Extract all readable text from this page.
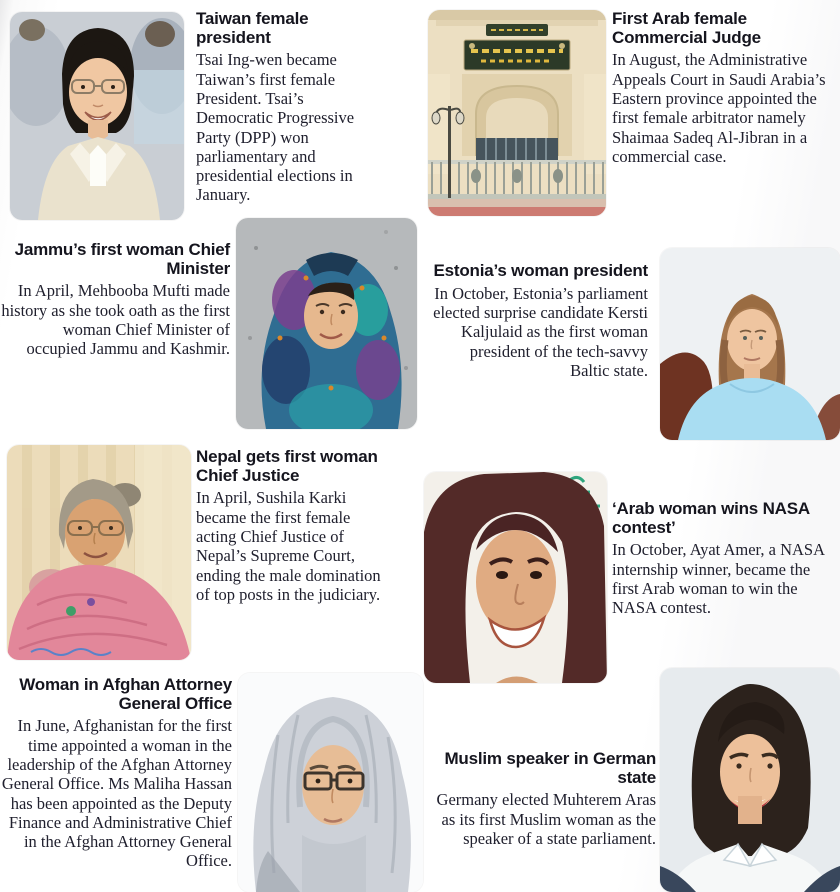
Taiwan female president

Tsai Ing-wen became Taiwan’s first female President. Tsai’s Democratic Progressive Party (DPP) won parliamentary and presidential elections in January.

First Arab female Commercial Judge

In August, the Administrative Appeals Court in Saudi Arabia’s Eastern province appointed the first female arbitrator namely Shaimaa Sadeq Al-Jibran in a commercial case.

Jammu’s first woman Chief Minister

In April, Mehbooba Mufti made history as she took oath as the first woman Chief Minister of occupied Jammu and Kashmir.

Estonia’s woman president

In October, Estonia’s parliament elected surprise candidate Kersti Kaljulaid as the first woman president of the tech-savvy Baltic state.

Nepal gets first woman Chief Justice

In April, Sushila Karki became the first female acting Chief Justice of Nepal’s Supreme Court, ending the male domination of top posts in the judiciary.

‘Arab woman wins NASA contest’

In October, Ayat Amer, a NASA internship winner, became the first Arab woman to win the NASA contest.

Woman in Afghan Attorney General Office

In June, Afghanistan for the first time appointed a woman in the leadership of the Afghan Attorney General Office. Ms Maliha Hassan has been appointed as the Deputy Finance and Administrative Chief in the Afghan Attorney General Office.

Muslim speaker in German state

Germany elected Muhterem Aras as its first Muslim woman as the speaker of a state parliament.
